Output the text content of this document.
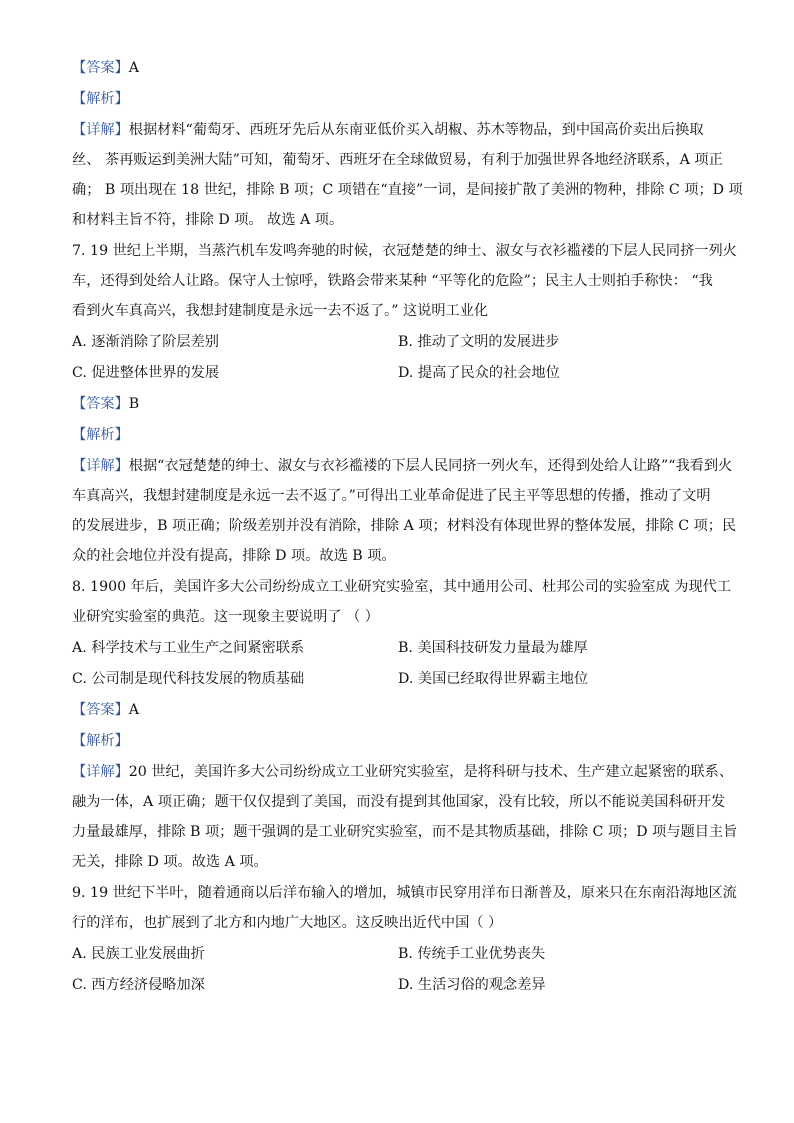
【答案】A
【解析】
【详解】根据材料“葡萄牙、西班牙先后从东南亚低价买入胡椒、苏木等物品，到中国高价卖出后换取
丝、 茶再贩运到美洲大陆”可知，葡萄牙、西班牙在全球做贸易，有利于加强世界各地经济联系，A 项正
确； B 项出现在 18 世纪，排除 B 项；C 项错在“直接”一词，是间接扩散了美洲的物种，排除 C 项；D 项
和材料主旨不符，排除 D 项。 故选 A 项。
7. 19 世纪上半期，当蒸汽机车发鸣奔驰的时候，衣冠楚楚的绅士、淑女与衣衫褴褛的下层人民同挤一列火
车，还得到处给人让路。保守人士惊呼，铁路会带来某种 “平等化的危险”；民主人士则拍手称快： “我
看到火车真高兴，我想封建制度是永远一去不返了。” 这说明工业化
A. 逐渐消除了阶层差别	B. 推动了文明的发展进步
C. 促进整体世界的发展	D. 提高了民众的社会地位
【答案】B
【解析】
【详解】根据“衣冠楚楚的绅士、淑女与衣衫褴褛的下层人民同挤一列火车，还得到处给人让路”“我看到火
车真高兴，我想封建制度是永远一去不返了。”可得出工业革命促进了民主平等思想的传播，推动了文明
的发展进步，B 项正确；阶级差别并没有消除，排除 A 项；材料没有体现世界的整体发展，排除 C 项；民
众的社会地位并没有提高，排除 D 项。故选 B 项。
8. 1900 年后，美国许多大公司纷纷成立工业研究实验室，其中通用公司、杜邦公司的实验室成 为现代工
业研究实验室的典范。这一现象主要说明了 （ ）
A. 科学技术与工业生产之间紧密联系	B. 美国科技研发力量最为雄厚
C. 公司制是现代科技发展的物质基础	D. 美国已经取得世界霸主地位
【答案】A
【解析】
【详解】20 世纪，美国许多大公司纷纷成立工业研究实验室，是将科研与技术、生产建立起紧密的联系、
融为一体，A 项正确；题干仅仅提到了美国，而没有提到其他国家，没有比较，所以不能说美国科研开发
力量最雄厚，排除 B 项；题干强调的是工业研究实验室，而不是其物质基础，排除 C 项；D 项与题目主旨
无关，排除 D 项。故选 A 项。
9. 19 世纪下半叶，随着通商以后洋布输入的增加，城镇市民穿用洋布日渐普及，原来只在东南沿海地区流
行的洋布，也扩展到了北方和内地广大地区。这反映出近代中国（ ）
A. 民族工业发展曲折	B. 传统手工业优势丧失
C. 西方经济侵略加深	D. 生活习俗的观念差异
